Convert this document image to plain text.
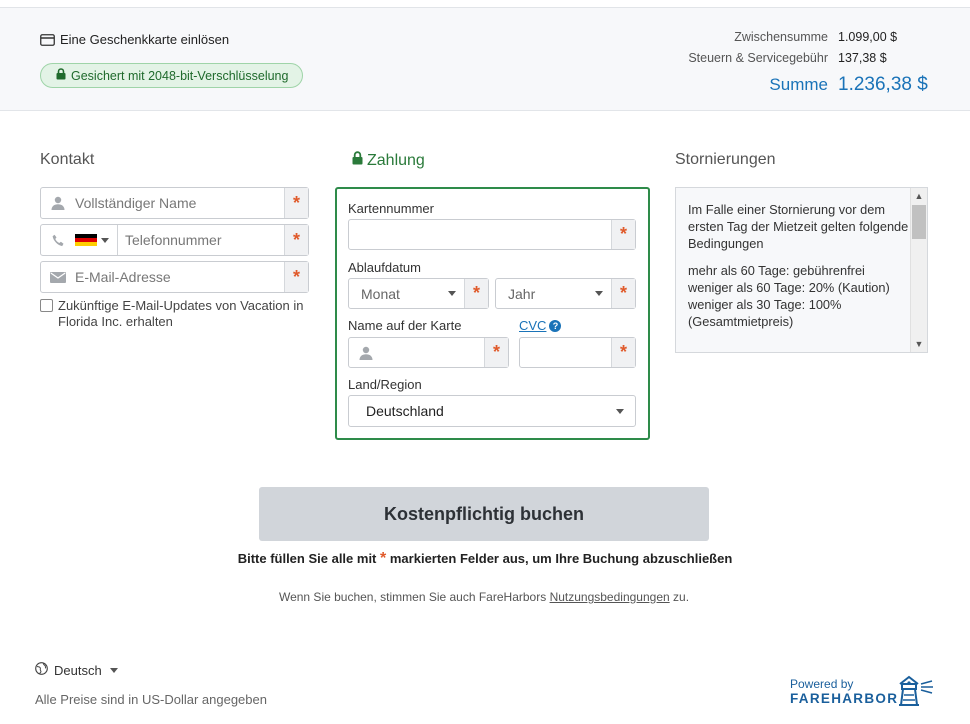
Eine Geschenkkarte einlösen
Gesichert mit 2048-bit-Verschlüsselung
Zwischensumme 1.099,00 $
Steuern & Servicegebühr 137,38 $
Summe 1.236,38 $
Kontakt
Vollständiger Name	*
Telefonnummer	*
E-Mail-Adresse	*
Zukünftige E-Mail-Updates von Vacation in Florida Inc. erhalten
Zahlung
Kartennummer
*
Ablaufdatum
Monat	*	Jahr	*
Name auf der Karte	CVC ?
*	*
Land/Region
Deutschland
Stornierungen

Im Falle einer Stornierung vor dem ersten Tag der Mietzeit gelten folgende Bedingungen

mehr als 60 Tage: gebührenfrei weniger als 60 Tage: 20% (Kaution) weniger als 30 Tage: 100% (Gesamtmietpreis)

▲
▼
Kostenpflichtig buchen
Bitte füllen Sie alle mit * markierten Felder aus, um Ihre Buchung abzuschließen
Wenn Sie buchen, stimmen Sie auch FareHarbors Nutzungsbedingungen zu.
Deutsch
Alle Preise sind in US-Dollar angegeben
Powered by
FAREHARBOR
